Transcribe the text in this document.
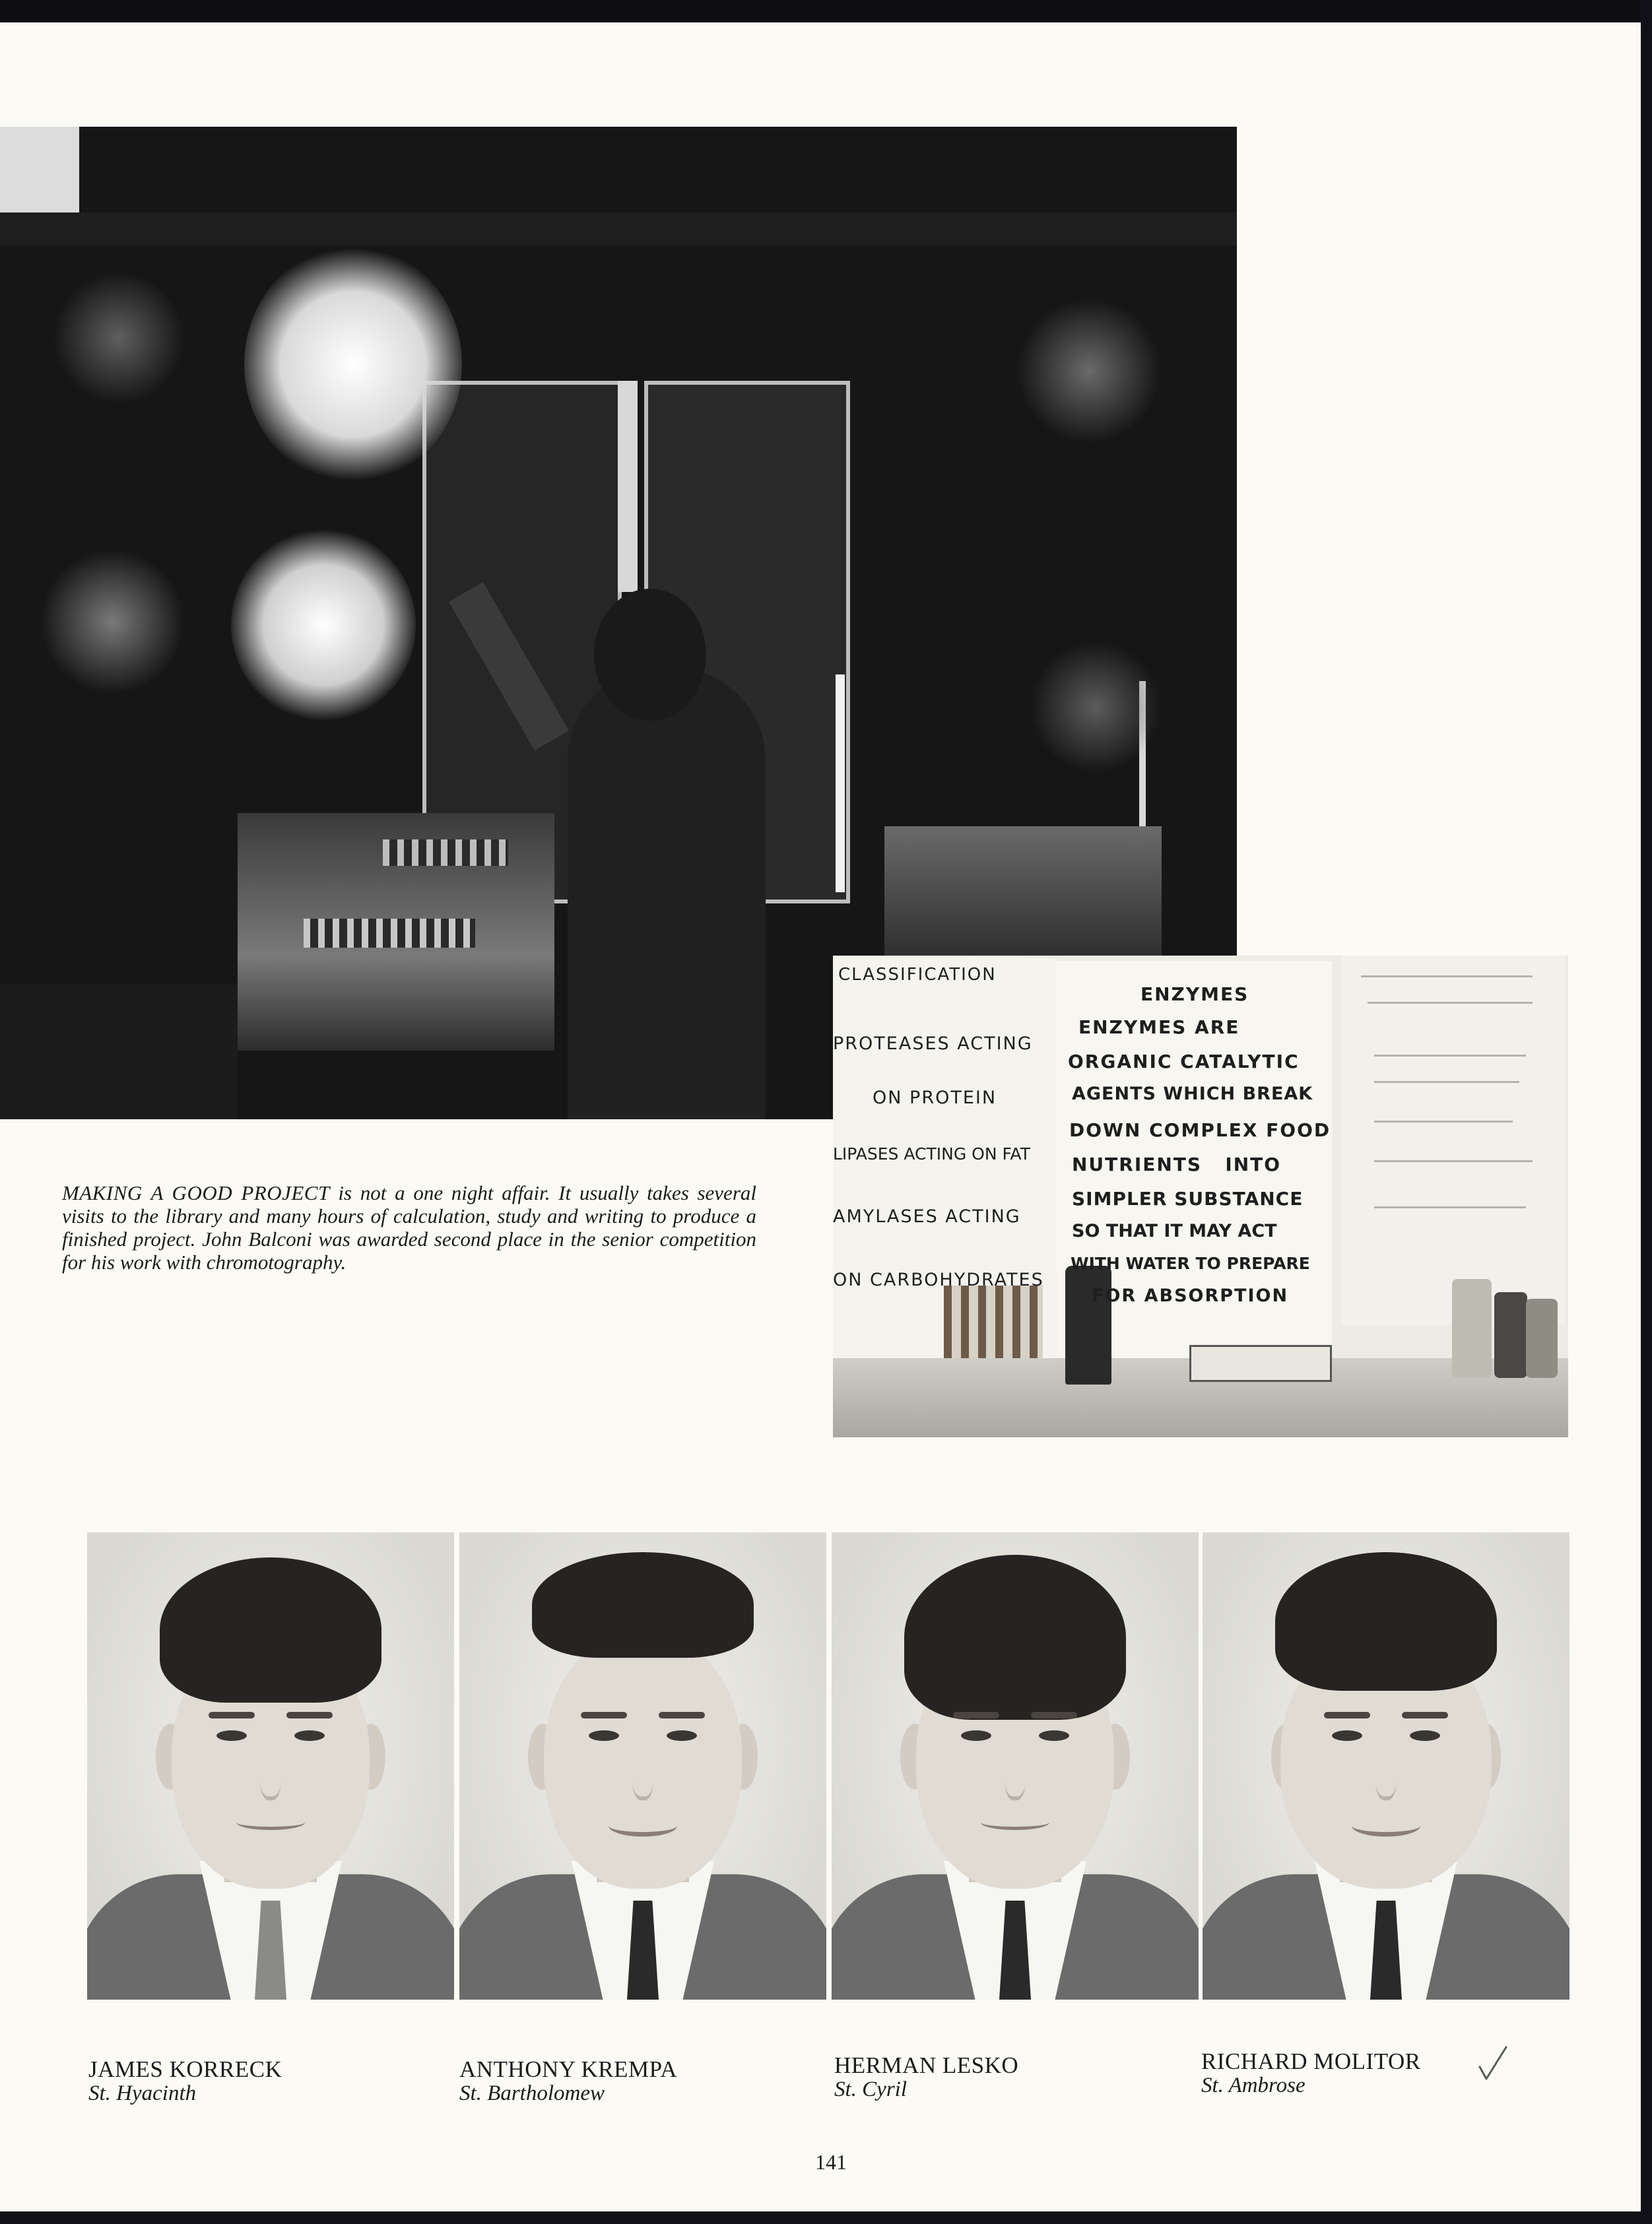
CLASSIFICATION
PROTEASES ACTING
ON PROTEIN
LIPASES ACTING ON FAT
AMYLASES ACTING
ON CARBOHYDRATES
ENZYMES
ENZYMES ARE
ORGANIC CATALYTIC
AGENTS WHICH BREAK
DOWN COMPLEX FOOD
NUTRIENTS   INTO
SIMPLER SUBSTANCE
SO THAT IT MAY ACT
WITH WATER TO PREPARE
FOR ABSORPTION

MAKING A GOOD PROJECT is not a one night affair. It usually takes several visits to the library and many hours of calculation, study and writing to produce a finished project. John Balconi was awarded second place in the senior competition for his work with chromotography.

JAMES KORRECK
St. Hyacinth
ANTHONY KREMPA
St. Bartholomew
HERMAN LESKO
St. Cyril
RICHARD MOLITOR
St. Ambrose
141
